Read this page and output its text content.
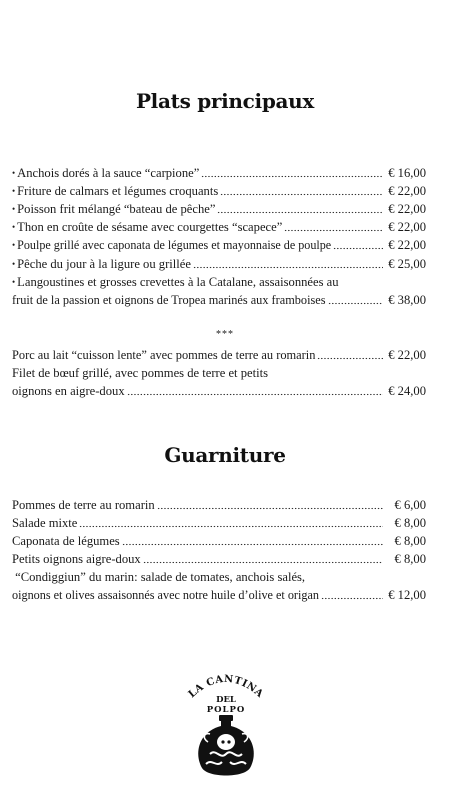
Plats principaux
• Anchois dorés à la sauce “carpione”	€ 16,00
• Friture de calmars et légumes croquants	€ 22,00
• Poisson frit mélangé “bateau de pêche”	€ 22,00
• Thon en croûte de sésame avec courgettes “scapece”	€ 22,00
• Poulpe grillé avec caponata de légumes et mayonnaise de poulpe	€ 22,00
• Pêche du jour à la ligure ou grillée	€ 25,00
• Langoustines et grosses crevettes à la Catalane, assaisonnées au
fruit de la passion et oignons de Tropea marinés aux framboises	€ 38,00
***
Porc au lait “cuisson lente” avec pommes de terre au romarin	€ 22,00
Filet de bœuf grillé, avec pommes de terre et petits
oignons en aigre-doux	€ 24,00
Guarniture
Pommes de terre au romarin	€ 6,00
Salade mixte	€ 8,00
Caponata de légumes	€ 8,00
Petits oignons aigre-doux	€ 8,00
“Condiggiun” du marin: salade de tomates, anchois salés,
oignons et olives assaisonnés avec notre huile d’olive et origan	€ 12,00
LA CANTINA
DEL
POLPO
